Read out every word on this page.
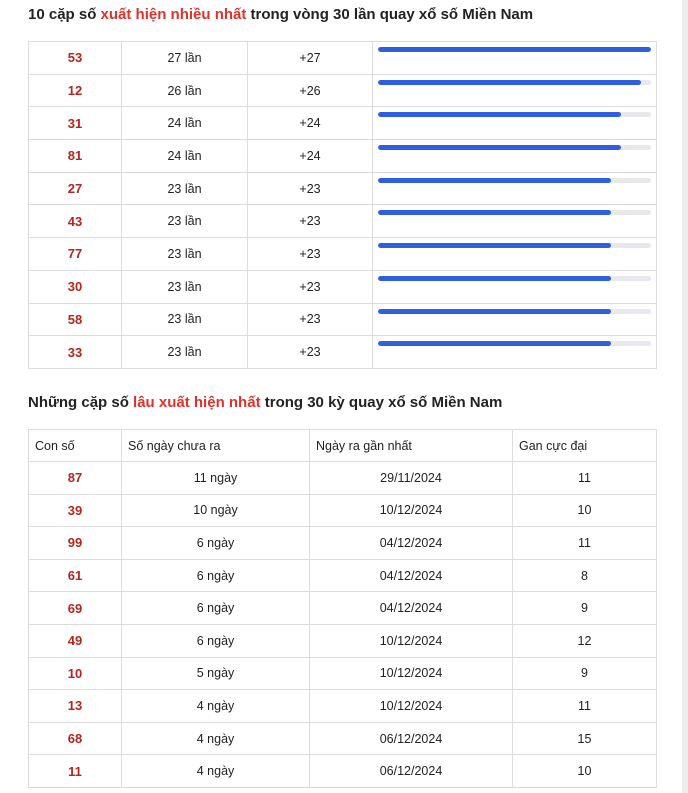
10 cặp số xuất hiện nhiều nhất trong vòng 30 lần quay xổ số Miền Nam
53	27 lần	+27	

12	26 lần	+26	

31	24 lần	+24	

81	24 lần	+24	

27	23 lần	+23	

43	23 lần	+23	

77	23 lần	+23	

30	23 lần	+23	

58	23 lần	+23	

33	23 lần	+23	
Những cặp số lâu xuất hiện nhất trong 30 kỳ quay xổ số Miền Nam
Con số	Số ngày chưa ra	Ngày ra gần nhất	Gan cực đại
87	11 ngày	29/11/2024	11
39	10 ngày	10/12/2024	10
99	6 ngày	04/12/2024	11
61	6 ngày	04/12/2024	8
69	6 ngày	04/12/2024	9
49	6 ngày	10/12/2024	12
10	5 ngày	10/12/2024	9
13	4 ngày	10/12/2024	11
68	4 ngày	06/12/2024	15
11	4 ngày	06/12/2024	10
